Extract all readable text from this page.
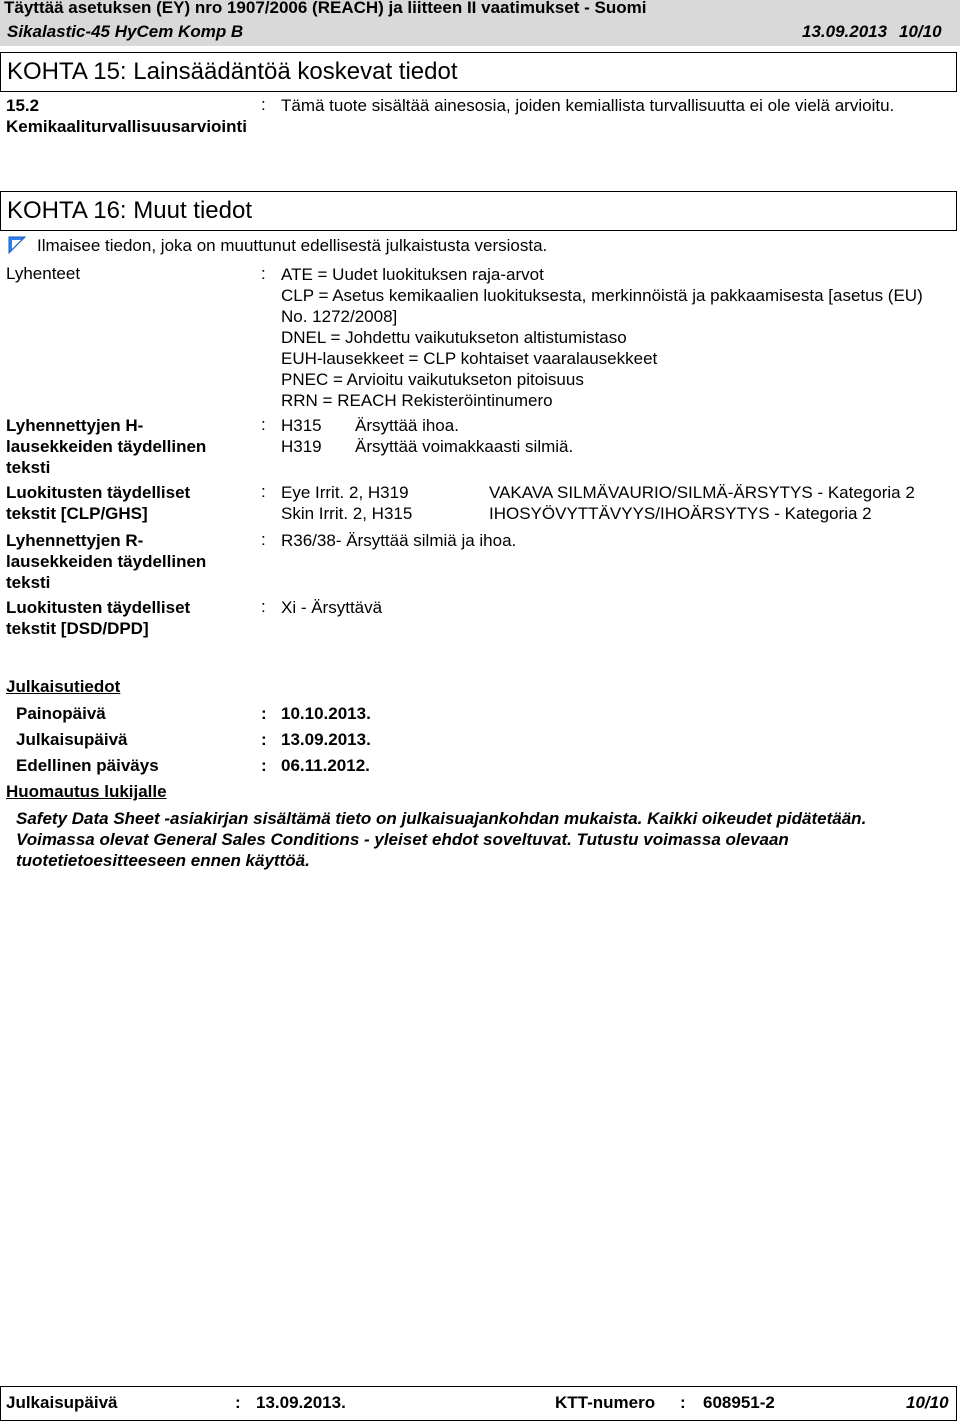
Täyttää asetuksen (EY) nro 1907/2006 (REACH) ja liitteen II vaatimukset - Suomi
Sikalastic-45 HyCem Komp B	13.09.2013 10/10
KOHTA 15: Lainsäädäntöä koskevat tiedot
15.2
Kemikaaliturvallisuusarviointi
: Tämä tuote sisältää ainesosia, joiden kemiallista turvallisuutta ei ole vielä arvioitu.
KOHTA 16: Muut tiedot
Ilmaisee tiedon, joka on muuttunut edellisestä julkaistusta versiosta.
Lyhenteet	: ATE = Uudet luokituksen raja-arvot
CLP = Asetus kemikaalien luokituksesta, merkinnöistä ja pakkaamisesta [asetus (EU)
No. 1272/2008]
DNEL = Johdettu vaikutukseton altistumistaso
EUH-lausekkeet = CLP kohtaiset vaaralausekkeet
PNEC = Arvioitu vaikutukseton pitoisuus
RRN = REACH Rekisteröintinumero
Lyhennettyjen H-lausekkeiden täydellinen teksti
: H315 Ärsyttää ihoa.
H319 Ärsyttää voimakkaasti silmiä.
Luokitusten täydelliset tekstit [CLP/GHS]
: Eye Irrit. 2, H319	VAKAVA SILMÄVAURIO/SILMÄ-ÄRSYTYS - Kategoria 2
Skin Irrit. 2, H315	IHOSYÖVYTTÄVYYS/IHOÄRSYTYS - Kategoria 2
Lyhennettyjen R-lausekkeiden täydellinen teksti
: R36/38- Ärsyttää silmiä ja ihoa.
Luokitusten täydelliset tekstit [DSD/DPD]
: Xi - Ärsyttävä
Julkaisutiedot
Painopäivä	: 10.10.2013.
Julkaisupäivä	: 13.09.2013.
Edellinen päiväys	: 06.11.2012.
Huomautus lukijalle
Safety Data Sheet -asiakirjan sisältämä tieto on julkaisuajankohdan mukaista. Kaikki oikeudet pidätetään. Voimassa olevat General Sales Conditions - yleiset ehdot soveltuvat. Tutustu voimassa olevaan tuotetietoesitteeseen ennen käyttöä.
Julkaisupäivä	: 13.09.2013.	KTT-numero : 608951-2	10/10
